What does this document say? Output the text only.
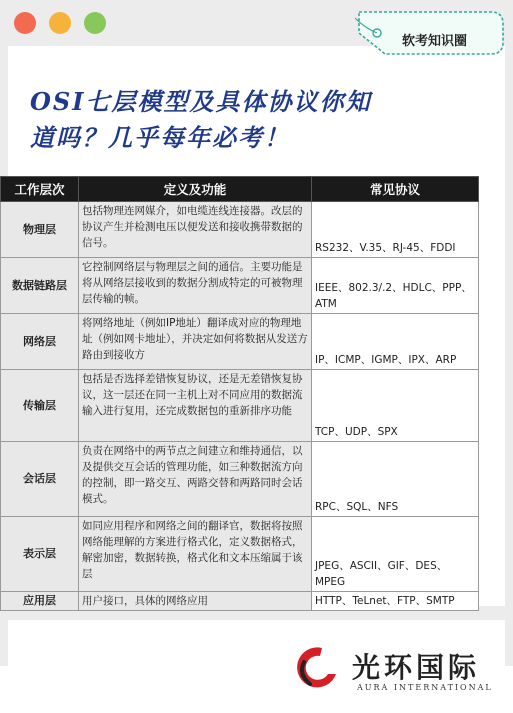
软考知识圈
OSI七层模型及具体协议你知
道吗？几乎每年必考！
工作层次	定义及功能	常见协议
物理层	包括物理连网媒介，如电缆连线连接器。改层的协议产生并检测电压以便发送和接收携带数据的信号。	RS232、V.35、RJ-45、FDDI
数据链路层	它控制网络层与物理层之间的通信。主要功能是将从网络层接收到的数据分割成特定的可被物理层传输的帧。	IEEE、802.3/.2、HDLC、PPP、ATM
网络层	将网络地址（例如IP地址）翻译成对应的物理地址（例如网卡地址），并决定如何将数据从发送方路由到接收方	IP、ICMP、IGMP、IPX、ARP
传输层	包括是否选择差错恢复协议，还是无差错恢复协议，这一层还在同一主机上对不同应用的数据流输入进行复用，还完成数据包的重新排序功能	TCP、UDP、SPX
会话层	负责在网络中的两节点之间建立和维持通信，以及提供交互会话的管理功能，如三种数据流方向的控制，即一路交互、两路交替和两路同时会话模式。	RPC、SQL、NFS
表示层	如同应用程序和网络之间的翻译官，数据将按照网络能理解的方案进行格式化，定义数据格式，解密加密，数据转换，格式化和文本压缩属于该层	JPEG、ASCII、GIF、DES、MPEG
应用层	用户接口，具体的网络应用	HTTP、TeLnet、FTP、SMTP
光环国际
AURA INTERNATIONAL
